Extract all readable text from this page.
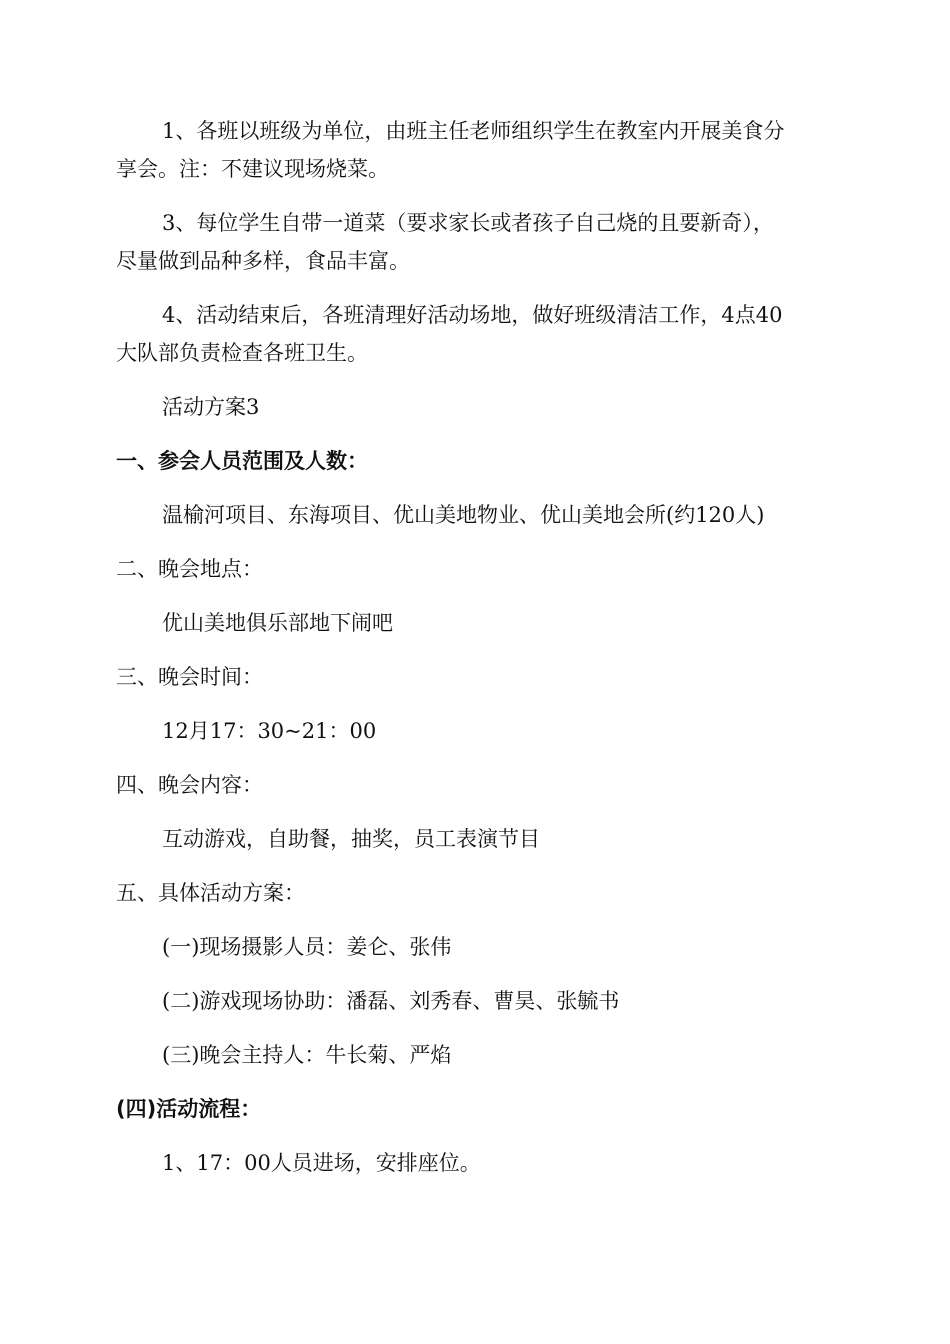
1、各班以班级为单位，由班主任老师组织学生在教室内开展美食分
享会。注：不建议现场烧菜。
3、每位学生自带一道菜（要求家长或者孩子自己烧的且要新奇），
尽量做到品种多样，食品丰富。
4、活动结束后，各班清理好活动场地，做好班级清洁工作，4点40
大队部负责检查各班卫生。
活动方案3
一、参会人员范围及人数：
温榆河项目、东海项目、优山美地物业、优山美地会所(约120人)
二、晚会地点：
优山美地俱乐部地下闹吧
三、晚会时间：
12月17：30~21：00
四、晚会内容：
互动游戏，自助餐，抽奖，员工表演节目
五、具体活动方案：
(一)现场摄影人员：姜仑、张伟
(二)游戏现场协助：潘磊、刘秀春、曹昊、张毓书
(三)晚会主持人：牛长菊、严焰
(四)活动流程：
1、17：00人员进场，安排座位。
